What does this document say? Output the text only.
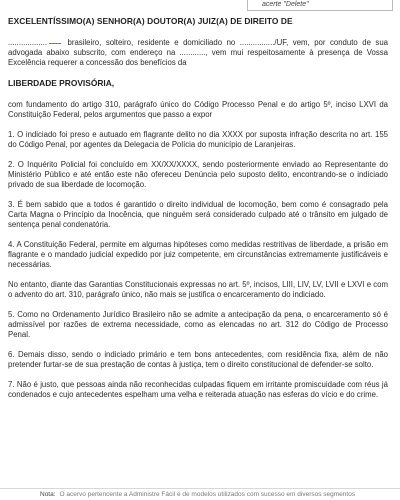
acerte "Delete"
EXCELENTÍSSIMO(A) SENHOR(A) DOUTOR(A) JUIZ(A) DE DIREITO DE

..................	brasileiro, solteiro, residente e domiciliado no ................/UF, vem, por conduto de sua advogada abaixo subscrito, com endereço na ............, vem mui respeitosamente à presença de Vossa Excelência requerer a concessão dos benefícios da

LIBERDADE PROVISÓRIA,

com fundamento do artigo 310, parágrafo único do Código Processo Penal e do artigo 5º, inciso LXVI da Constituição Federal, pelos argumentos que passo a expor

1. O indiciado foi preso e autuado em flagrante delito no dia XXXX por suposta infração descrita no art. 155 do Código Penal, por agentes da Delegacia de Polícia do município de Laranjeiras.

2. O Inquérito Policial foi concluído em XX/XX/XXXX, sendo posteriormente enviado ao Representante do Ministério Público e até então este não ofereceu Denúncia pelo suposto delito, encontrando-se o indiciado privado de sua liberdade de locomoção.

3. É bem sabido que a todos é garantido o direito individual de locomoção, bem como é consagrado pela Carta Magna o Princípio da Inocência, que ninguém será considerado culpado até o trânsito em julgado de sentença penal condenatória.

4. A Constituição Federal, permite em algumas hipóteses como medidas restritivas de liberdade, a prisão em flagrante e o mandado judicial expedido por juiz competente, em circunstâncias extremamente justificáveis e necessárias.

No entanto, diante das Garantias Constitucionais expressas no art. 5º, incisos, LIII, LIV, LV, LVII e LXVI e com o advento do art. 310, parágrafo único, não mais se justifica o encarceramento do indiciado.

5. Como no Ordenamento Jurídico Brasileiro não se admite a antecipação da pena, o encarceramento só é admissível por razões de extrema necessidade, como as elencadas no art. 312 do Código de Processo Penal.

6. Demais disso, sendo o indiciado primário e tem bons antecedentes, com residência fixa, além de não pretender furtar-se de sua prestação de contas à justiça, tem o direito constitucional de defender-se solto.

7. Não é justo, que pessoas ainda não reconhecidas culpadas fiquem em irritante promiscuidade com réus já condenados e cujo antecedentes espelham uma velha e reiterada atuação nas esferas do vício e do crime.

Nota: O acervo pertencente a Administre Fácil é de modelos utilizados com sucesso em diversos segmentos
